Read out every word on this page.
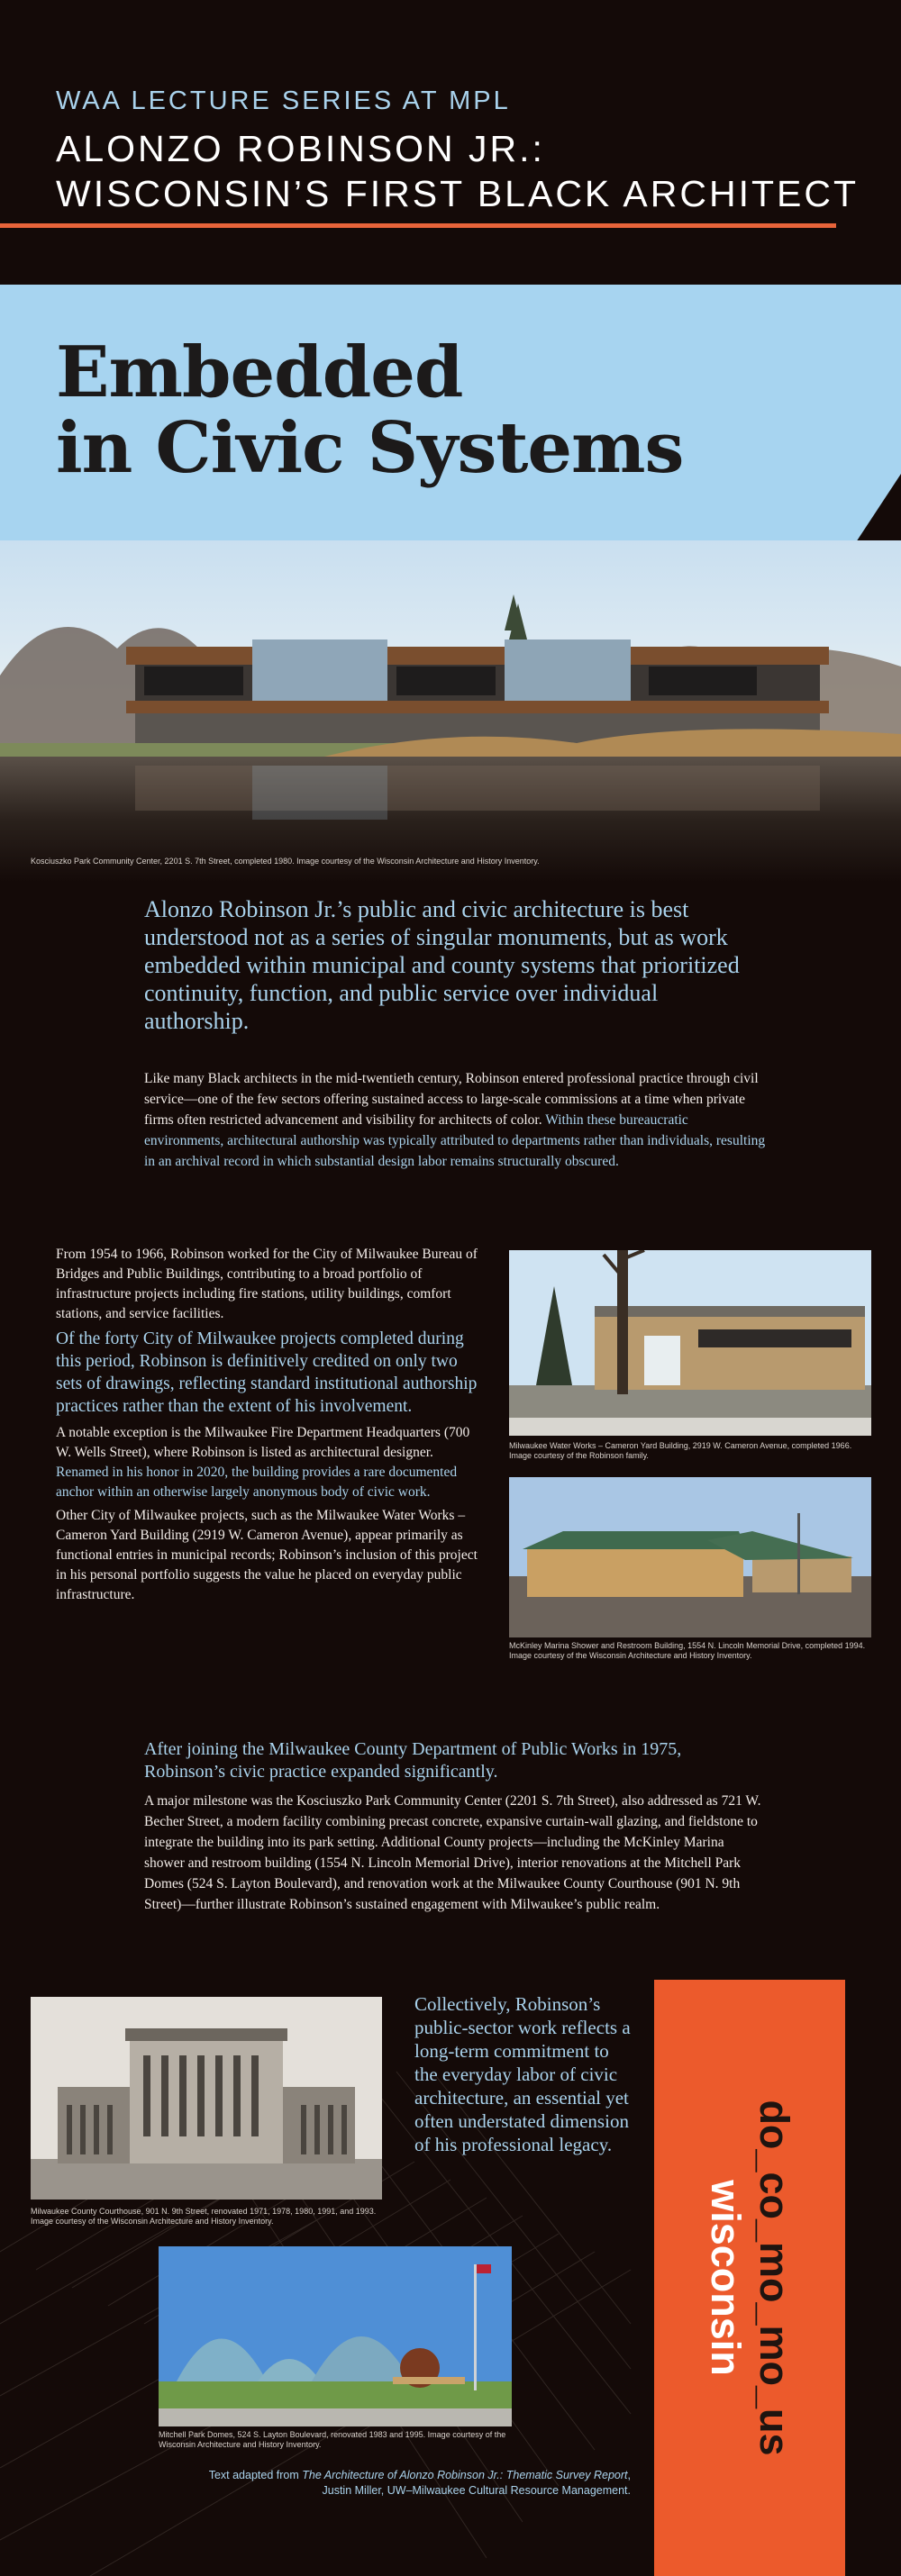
WAA LECTURE SERIES AT MPL
ALONZO ROBINSON JR.:
WISCONSIN’S FIRST BLACK ARCHITECT
Embedded
in Civic Systems
Kosciuszko Park Community Center, 2201 S. 7th Street, completed 1980. Image courtesy of the Wisconsin Architecture and History Inventory.
Alonzo Robinson Jr.’s public and civic architecture is best understood not as a series of singular monuments, but as work embedded within municipal and county systems that prioritized continuity, function, and public service over individual authorship.
Like many Black architects in the mid-twentieth century, Robinson entered professional practice through civil service—one of the few sectors offering sustained access to large-scale commissions at a time when private firms often restricted advancement and visibility for architects of color. Within these bureaucratic environments, architectural authorship was typically attributed to departments rather than individuals, resulting in an archival record in which substantial design labor remains structurally obscured.

From 1954 to 1966, Robinson worked for the City of Milwaukee Bureau of Bridges and Public Buildings, contributing to a broad portfolio of infrastructure projects including fire stations, utility buildings, comfort stations, and service facilities.

Of the forty City of Milwaukee projects completed during this period, Robinson is definitively credited on only two sets of drawings, reflecting standard institutional authorship practices rather than the extent of his involvement.

A notable exception is the Milwaukee Fire Department Headquarters (700 W. Wells Street), where Robinson is listed as architectural designer. Renamed in his honor in 2020, the building provides a rare documented anchor within an otherwise largely anonymous body of civic work.

Other City of Milwaukee projects, such as the Milwaukee Water Works – Cameron Yard Building (2919 W. Cameron Avenue), appear primarily as functional entries in municipal records; Robinson’s inclusion of this project in his personal portfolio suggests the value he placed on everyday public infrastructure.

Milwaukee Water Works – Cameron Yard Building, 2919 W. Cameron Avenue, completed 1966. Image courtesy of the Robinson family.
McKinley Marina Shower and Restroom Building, 1554 N. Lincoln Memorial Drive, completed 1994. Image courtesy of the Wisconsin Architecture and History Inventory.
After joining the Milwaukee County Department of Public Works in 1975, Robinson’s civic practice expanded significantly.
A major milestone was the Kosciuszko Park Community Center (2201 S. 7th Street), also addressed as 721 W. Becher Street, a modern facility combining precast concrete, expansive curtain-wall glazing, and fieldstone to integrate the building into its park setting. Additional County projects—including the McKinley Marina shower and restroom building (1554 N. Lincoln Memorial Drive), interior renovations at the Mitchell Park Domes (524 S. Layton Boulevard), and renovation work at the Milwaukee County Courthouse (901 N. 9th Street)—further illustrate Robinson’s sustained engagement with Milwaukee’s public realm.
Milwaukee County Courthouse, 901 N. 9th Street, renovated 1971, 1978, 1980, 1991, and 1993. Image courtesy of the Wisconsin Architecture and History Inventory.
Collectively, Robinson’s public-sector work reflects a long-term commitment to the everyday labor of civic architecture, an essential yet often understated dimension of his professional legacy.
Mitchell Park Domes, 524 S. Layton Boulevard, renovated 1983 and 1995. Image courtesy of the Wisconsin Architecture and History Inventory.
Text adapted from The Architecture of Alonzo Robinson Jr.: Thematic Survey Report,
Justin Miller, UW–Milwaukee Cultural Resource Management.
do_co_mo_mo_us
wisconsin
